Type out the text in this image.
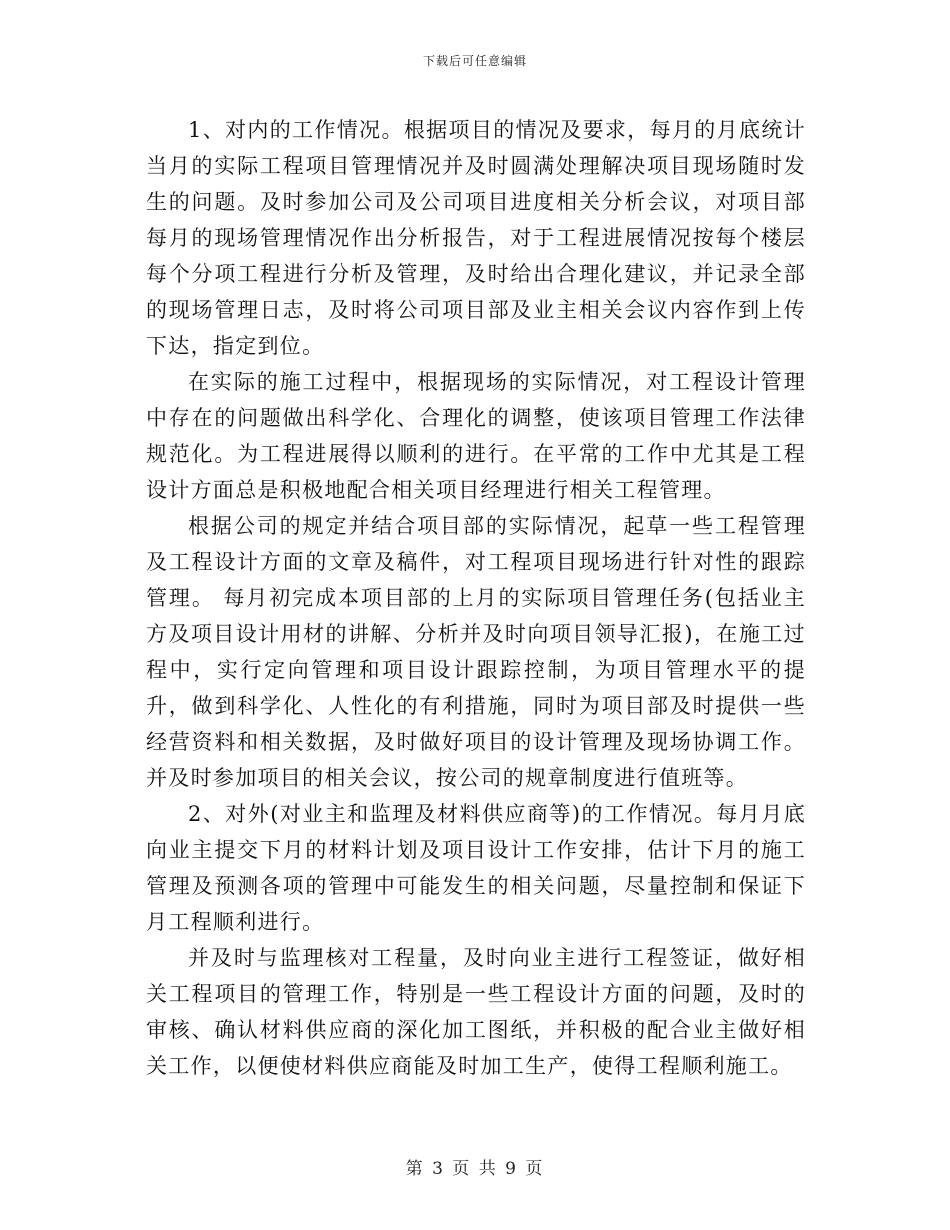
下载后可任意编辑

1、对内的工作情况。根据项目的情况及要求，每月的月底统计当月的实际工程项目管理情况并及时圆满处理解决项目现场随时发生的问题。及时参加公司及公司项目进度相关分析会议，对项目部每月的现场管理情况作出分析报告，对于工程进展情况按每个楼层每个分项工程进行分析及管理，及时给出合理化建议，并记录全部的现场管理日志，及时将公司项目部及业主相关会议内容作到上传下达，指定到位。

在实际的施工过程中，根据现场的实际情况，对工程设计管理中存在的问题做出科学化、合理化的调整，使该项目管理工作法律规范化。为工程进展得以顺利的进行。在平常的工作中尤其是工程设计方面总是积极地配合相关项目经理进行相关工程管理。

根据公司的规定并结合项目部的实际情况，起草一些工程管理及工程设计方面的文章及稿件，对工程项目现场进行针对性的跟踪管理。 每月初完成本项目部的上月的实际项目管理任务(包括业主方及项目设计用材的讲解、分析并及时向项目领导汇报)，在施工过程中，实行定向管理和项目设计跟踪控制，为项目管理水平的提升，做到科学化、人性化的有利措施，同时为项目部及时提供一些经营资料和相关数据，及时做好项目的设计管理及现场协调工作。并及时参加项目的相关会议，按公司的规章制度进行值班等。

2、对外(对业主和监理及材料供应商等)的工作情况。每月月底向业主提交下月的材料计划及项目设计工作安排，估计下月的施工管理及预测各项的管理中可能发生的相关问题，尽量控制和保证下月工程顺利进行。

并及时与监理核对工程量，及时向业主进行工程签证，做好相关工程项目的管理工作，特别是一些工程设计方面的问题，及时的审核、确认材料供应商的深化加工图纸，并积极的配合业主做好相关工作，以便使材料供应商能及时加工生产，使得工程顺利施工。

第 3 页 共 9 页
